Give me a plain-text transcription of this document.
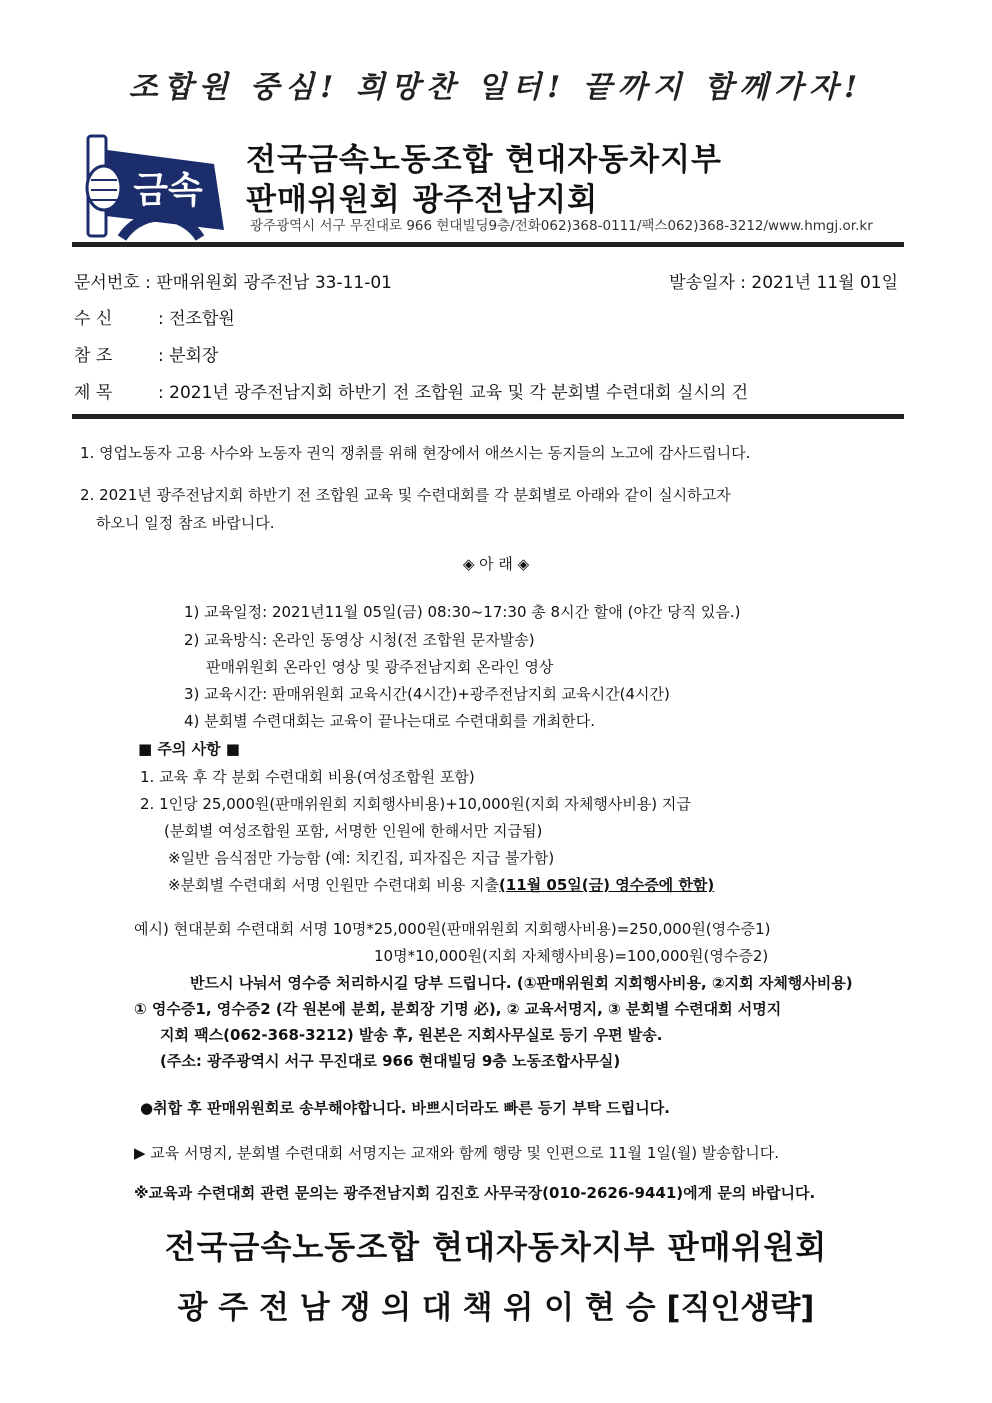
조합원 중심! 희망찬 일터! 끝까지 함께가자!
금속
전국금속노동조합 현대자동차지부
판매위원회 광주전남지회
광주광역시 서구 무진대로 966 현대빌딩9층/전화062)368-0111/팩스062)368-3212/www.hmgj.or.kr
문서번호 : 판매위원회 광주전남 33-11-01	발송일자 : 2021년 11월 01일
수 신	: 전조합원
참 조	: 분회장
제 목	: 2021년 광주전남지회 하반기 전 조합원 교육 및 각 분회별 수련대회 실시의 건
1. 영업노동자 고용 사수와 노동자 권익 쟁취를 위해 현장에서 애쓰시는 동지들의 노고에 감사드립니다.
2. 2021년 광주전남지회 하반기 전 조합원 교육 및 수련대회를 각 분회별로 아래와 같이 실시하고자
하오니 일정 참조 바랍니다.
◈ 아 래 ◈
1) 교육일정: 2021년11월 05일(금) 08:30~17:30 총 8시간 할애 (야간 당직 있음.)
2) 교육방식: 온라인 동영상 시청(전 조합원 문자발송)
판매위원회 온라인 영상 및 광주전남지회 온라인 영상
3) 교육시간: 판매위원회 교육시간(4시간)+광주전남지회 교육시간(4시간)
4) 분회별 수련대회는 교육이 끝나는대로 수련대회를 개최한다.
■ 주의 사항 ■
1. 교육 후 각 분회 수련대회 비용(여성조합원 포함)
2. 1인당 25,000원(판매위원회 지회행사비용)+10,000원(지회 자체행사비용) 지급
(분회별 여성조합원 포함, 서명한 인원에 한해서만 지급됨)
※일반 음식점만 가능함 (예: 치킨집, 피자집은 지급 불가함)
※분회별 수련대회 서명 인원만 수련대회 비용 지출(11월 05일(금) 영수증에 한함)
예시) 현대분회 수련대회 서명 10명*25,000원(판매위원회 지회행사비용)=250,000원(영수증1)
10명*10,000원(지회 자체행사비용)=100,000원(영수증2)
반드시 나눠서 영수증 처리하시길 당부 드립니다. (①판매위원회 지회행사비용, ②지회 자체행사비용)
① 영수증1, 영수증2 (각 원본에 분회, 분회장 기명 必), ② 교육서명지, ③ 분회별 수련대회 서명지
지회 팩스(062-368-3212) 발송 후, 원본은 지회사무실로 등기 우편 발송.
(주소: 광주광역시 서구 무진대로 966 현대빌딩 9층 노동조합사무실)
●취합 후 판매위원회로 송부해야합니다. 바쁘시더라도 빠른 등기 부탁 드립니다.
▶ 교육 서명지, 분회별 수련대회 서명지는 교재와 함께 행랑 및 인편으로 11월 1일(월) 발송합니다.
※교육과 수련대회 관련 문의는 광주전남지회 김진호 사무국장(010-2626-9441)에게 문의 바랍니다.
전국금속노동조합 현대자동차지부 판매위원회
광 주 전 남 쟁 의 대 책 위 이 현 승 [직인생략]
